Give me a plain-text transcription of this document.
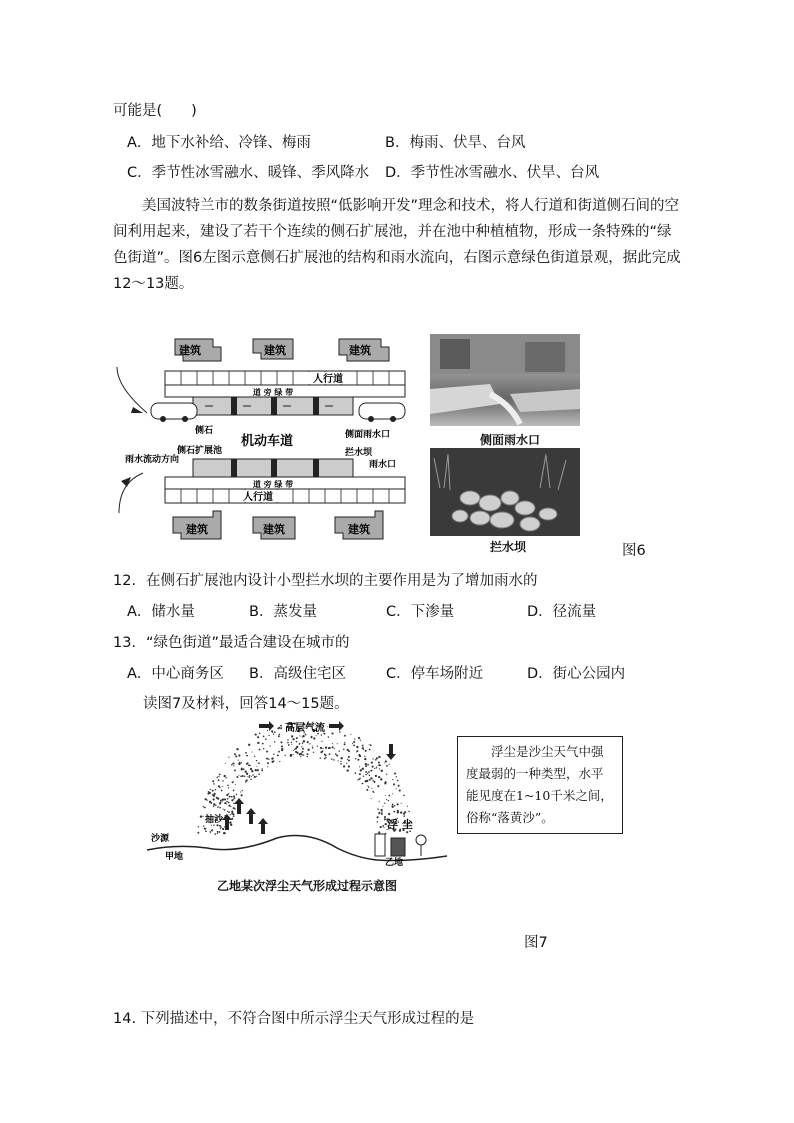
可能是(　　)
A．地下水补给、冷锋、梅雨	B．梅雨、伏旱、台风
C．季节性冰雪融水、暖锋、季风降水 D．季节性冰雪融水、伏旱、台风
美国波特兰市的数条街道按照“低影响开发”理念和技术，将人行道和街道侧石间的空间利用起来，建设了若干个连续的侧石扩展池，并在池中种植植物，形成一条特殊的“绿色街道”。图6左图示意侧石扩展池的结构和雨水流向，右图示意绿色街道景观，据此完成12～13题。
建筑	建筑	建筑
人行道
道 旁 绿 带
侧石	侧面雨水口
机动车道
侧石扩展池	拦水坝
雨水流动方向	雨水口
道 旁 绿 带
人行道
建筑	建筑	建筑
侧面雨水口
拦水坝	图6
12．在侧石扩展池内设计小型拦水坝的主要作用是为了增加雨水的
A．储水量	B．蒸发量	C．下渗量	D．径流量
13．“绿色街道”最适合建设在城市的
A．中心商务区 B．高级住宅区	C．停车场附近	D．街心公园内
读图7及材料，回答14～15题。
高层气流
抽沙
沙源
甲地
浮 尘
乙地
乙地某次浮尘天气形成过程示意图
浮尘是沙尘天气中强
度最弱的一种类型，水平
能见度在1~10千米之间，
俗称“落黄沙”。
图7
14. 下列描述中，不符合图中所示浮尘天气形成过程的是
